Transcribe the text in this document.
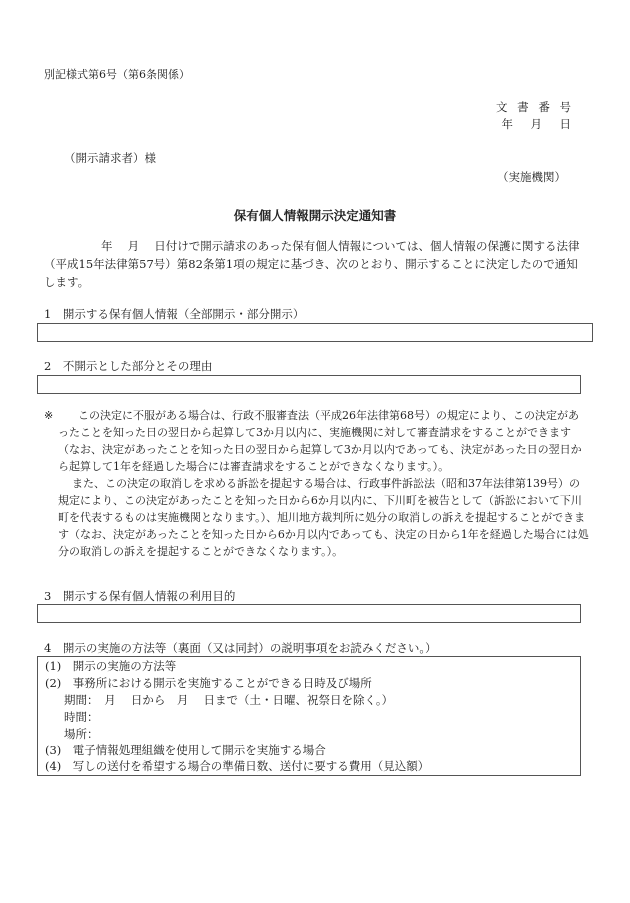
別記様式第6号（第6条関係）
文 書 番 号
年　月　日
（開示請求者）様
（実施機関）
保有個人情報開示決定通知書

年　 月　 日付けで開示請求のあった保有個人情報については、個人情報の保護に関する法律（平成15年法律第57号）第82条第1項の規定に基づき、次のとおり、開示することに決定したので通知します。

1　開示する保有個人情報（全部開示・部分開示）
2　不開示とした部分とその理由
※	この決定に不服がある場合は、行政不服審査法（平成26年法律第68号）の規定により、この決定があったことを知った日の翌日から起算して3か月以内に、実施機関に対して審査請求をすることができます（なお、決定があったことを知った日の翌日から起算して3か月以内であっても、決定があった日の翌日から起算して1年を経過した場合には審査請求をすることができなくなります。）。

また、この決定の取消しを求める訴訟を提起する場合は、行政事件訴訟法（昭和37年法律第139号）の規定により、この決定があったことを知った日から6か月以内に、下川町を被告として（訴訟において下川町を代表するものは実施機関となります。）、旭川地方裁判所に処分の取消しの訴えを提起することができます（なお、決定があったことを知った日から6か月以内であっても、決定の日から1年を経過した場合には処分の取消しの訴えを提起することができなくなります。）。

3　開示する保有個人情報の利用目的
4　開示の実施の方法等（裏面（又は同封）の説明事項をお読みください。）
(1)　開示の実施の方法等
(2)　事務所における開示を実施することができる日時及び場所
期間：　月　 日から　月　 日まで（土・日曜、祝祭日を除く。）
時間：
場所：
(3)　電子情報処理組織を使用して開示を実施する場合
(4)　写しの送付を希望する場合の準備日数、送付に要する費用（見込額）
